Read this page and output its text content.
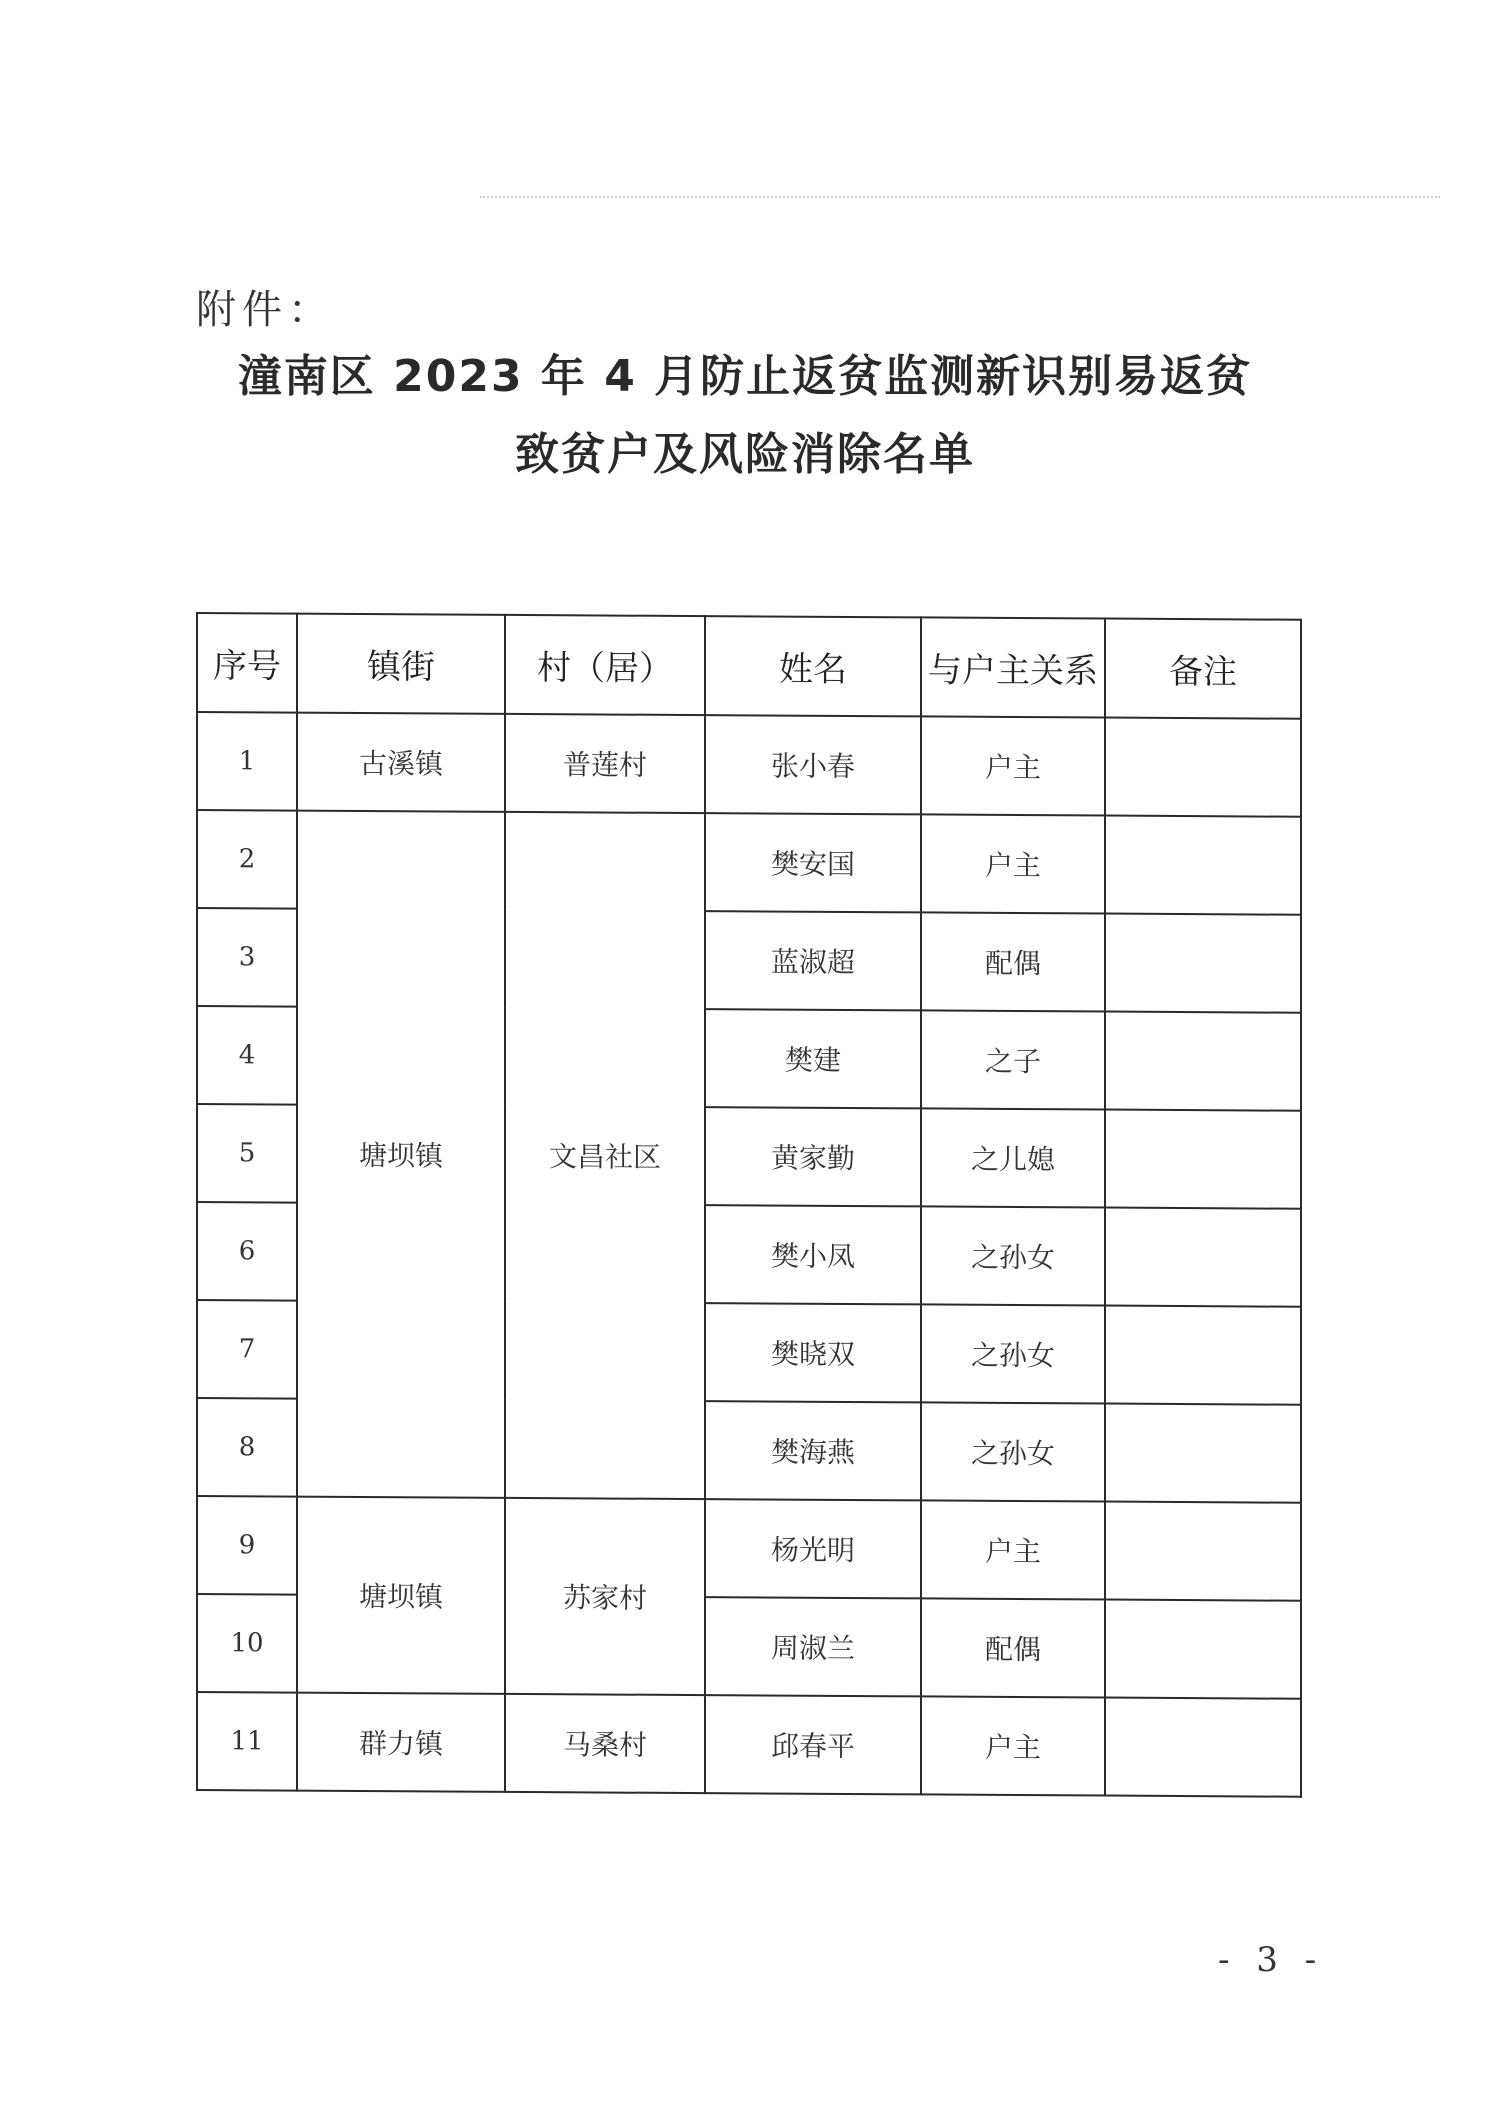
附件：
潼南区 2023 年 4 月防止返贫监测新识别易返贫
致贫户及风险消除名单
序号	镇街	村（居）	姓名	与户主关系	备注
1	古溪镇	普莲村	张小春	户主	
2	塘坝镇	文昌社区	樊安国	户主	
3			蓝淑超	配偶	
4			樊建	之子	
5			黄家勤	之儿媳	
6			樊小凤	之孙女	
7			樊晓双	之孙女	
8			樊海燕	之孙女	
9	塘坝镇	苏家村	杨光明	户主	
10			周淑兰	配偶	
11	群力镇	马桑村	邱春平	户主	
- 3 -
